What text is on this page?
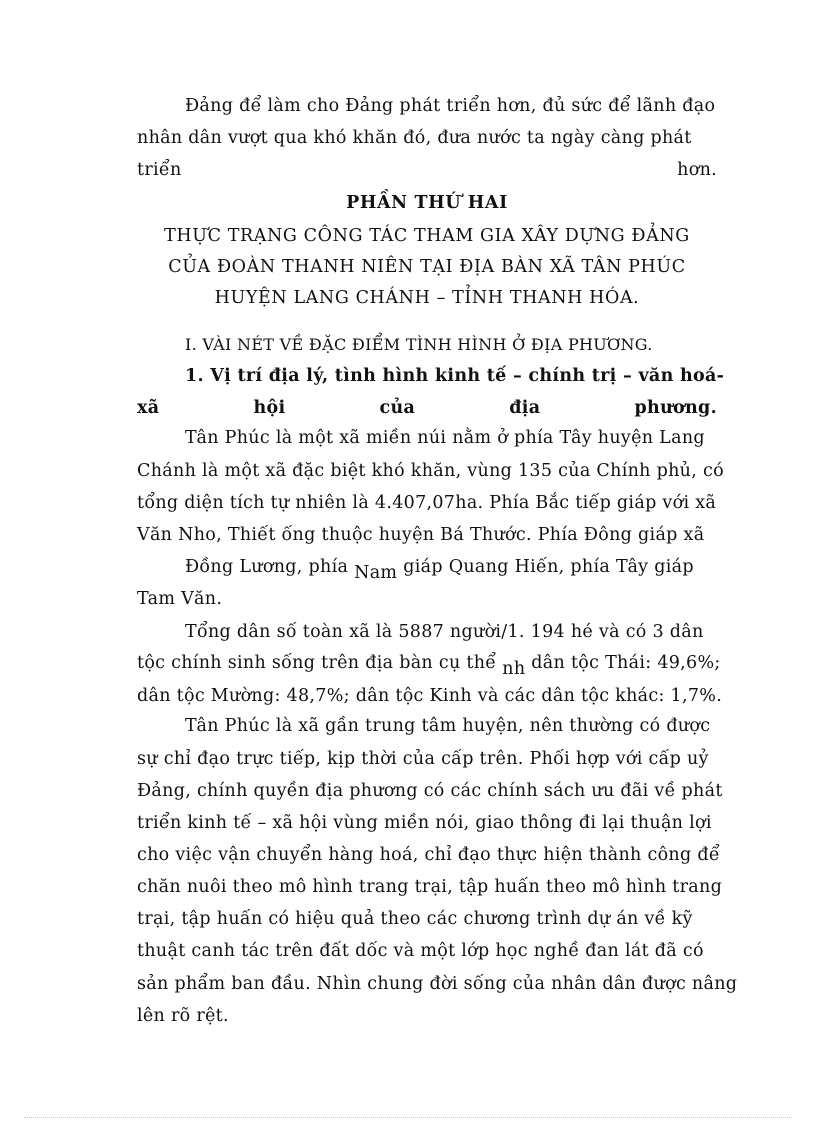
Đảng để làm cho Đảng phát triển hơn, đủ sức để lãnh đạo
nhân dân vượt qua khó khăn đó, đưa nước ta ngày càng phát
triển	hơn.
PHẦN THỨ HAI
THỰC TRẠNG CÔNG TÁC THAM GIA XÂY DỰNG ĐẢNG
CỦA ĐOÀN THANH NIÊN TẠI ĐỊA BÀN XÃ TÂN PHÚC
HUYỆN LANG CHÁNH – TỈNH THANH HÓA.
I. VÀI NÉT VỀ ĐẶC ĐIỂM TÌNH HÌNH Ở ĐỊA PHƯƠNG.
1. Vị trí địa lý, tình hình kinh tế – chính trị – văn hoá -
xã	hội	của	địa	phương.
Tân Phúc là một xã miền núi nằm ở phía Tây huyện Lang
Chánh là một xã đặc biệt khó khăn, vùng 135 của Chính phủ, có
tổng diện tích tự nhiên là 4.407,07ha. Phía Bắc tiếp giáp với xã
Văn Nho, Thiết ống thuộc huyện Bá Thước. Phía Đông giáp xã
Đồng Lương, phía Nam giáp Quang Hiến, phía Tây giáp
Tam Văn.
Tổng dân số toàn xã là 5887 người/1. 194 hé và có 3 dân
tộc chính sinh sống trên địa bàn cụ thể nh dân tộc Thái: 49,6%;
dân tộc Mường: 48,7%; dân tộc Kinh và các dân tộc khác: 1,7%.
Tân Phúc là xã gần trung tâm huyện, nên thường có được
sự chỉ đạo trực tiếp, kịp thời của cấp trên. Phối hợp với cấp uỷ
Đảng, chính quyền địa phương có các chính sách ưu đãi về phát
triển kinh tế – xã hội vùng miền nói, giao thông đi lại thuận lợi
cho việc vận chuyển hàng hoá, chỉ đạo thực hiện thành công để
chăn nuôi theo mô hình trang trại, tập huấn theo mô hình trang
trại, tập huấn có hiệu quả theo các chương trình dự án về kỹ
thuật canh tác trên đất dốc và một lớp học nghề đan lát đã có
sản phẩm ban đầu. Nhìn chung đời sống của nhân dân được nâng
lên rõ rệt.
